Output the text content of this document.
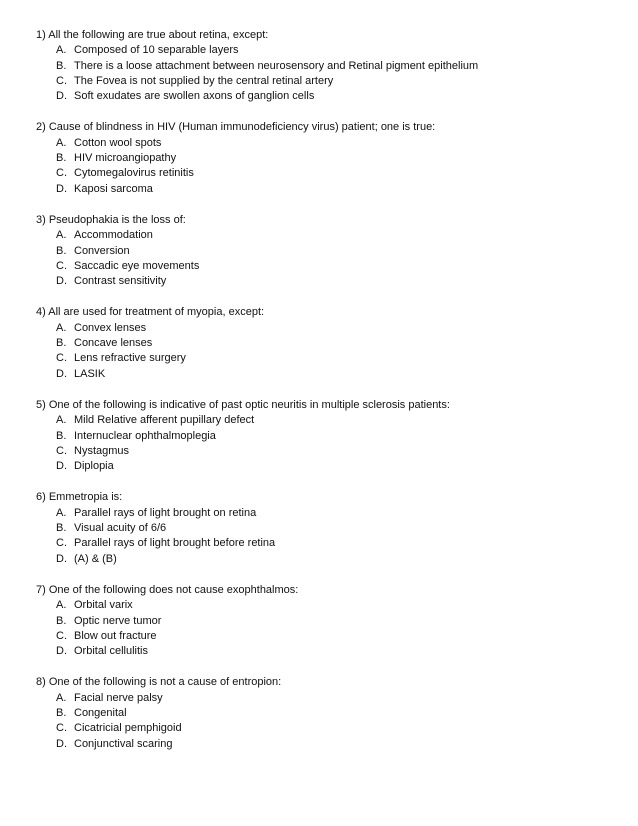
1) All the following are true about retina, except:

A. Composed of 10 separable layers
B. There is a loose attachment between neurosensory and Retinal pigment epithelium
C. The Fovea is not supplied by the central retinal artery
D. Soft exudates are swollen axons of ganglion cells

2) Cause of blindness in HIV (Human immunodeficiency virus) patient; one is true:

A. Cotton wool spots
B. HIV microangiopathy
C. Cytomegalovirus retinitis
D. Kaposi sarcoma

3) Pseudophakia is the loss of:

A. Accommodation
B. Conversion
C. Saccadic eye movements
D. Contrast sensitivity

4) All are used for treatment of myopia, except:

A. Convex lenses
B. Concave lenses
C. Lens refractive surgery
D. LASIK

5) One of the following is indicative of past optic neuritis in multiple sclerosis patients:

A. Mild Relative afferent pupillary defect
B. Internuclear ophthalmoplegia
C. Nystagmus
D. Diplopia

6) Emmetropia is:

A. Parallel rays of light brought on retina
B. Visual acuity of 6/6
C. Parallel rays of light brought before retina
D. (A) & (B)

7) One of the following does not cause exophthalmos:

A. Orbital varix
B. Optic nerve tumor
C. Blow out fracture
D. Orbital cellulitis

8) One of the following is not a cause of entropion:

A. Facial nerve palsy
B. Congenital
C. Cicatricial pemphigoid
D. Conjunctival scaring
